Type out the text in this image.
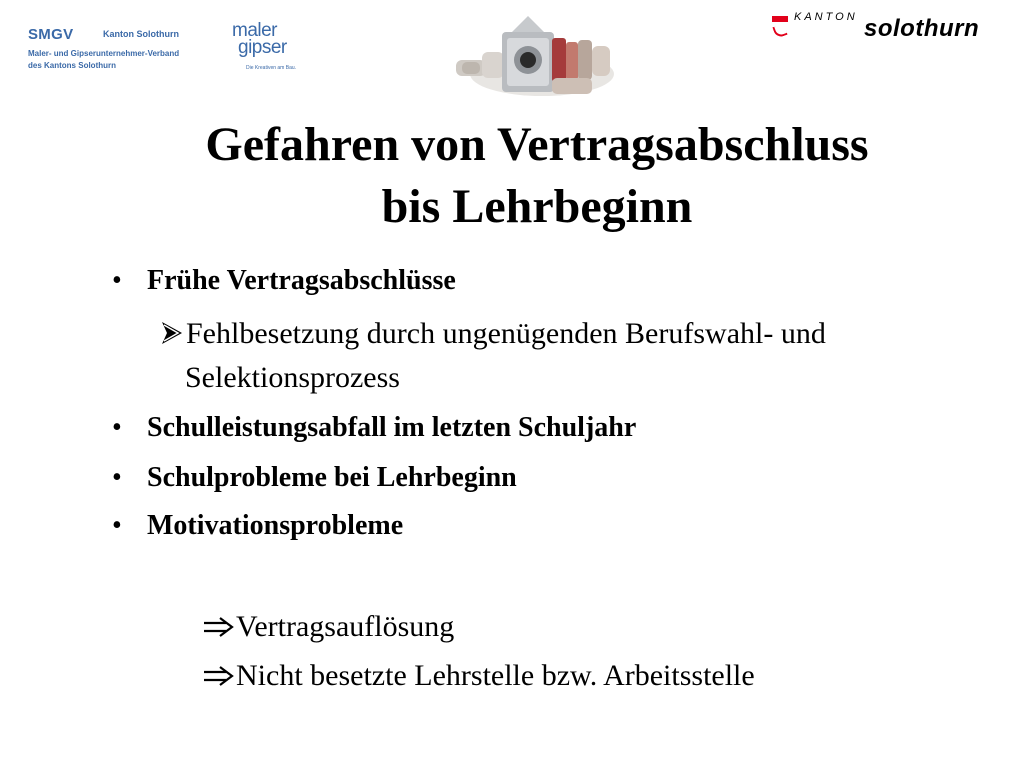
SMGV	Kanton Solothurn
Maler- und Gipserunternehmer-Verband
des Kantons Solothurn
maler
gipser
Die Kreativen am Bau.
KANTON solothurn
Gefahren von Vertragsabschluss
bis Lehrbeginn
• Frühe Vertragsabschlüsse
Fehlbesetzung durch ungenügenden Berufswahl- und
Selektionsprozess
• Schulleistungsabfall im letzten Schuljahr
• Schulprobleme bei Lehrbeginn
• Motivationsprobleme
Vertragsauflösung
Nicht besetzte Lehrstelle bzw. Arbeitsstelle
